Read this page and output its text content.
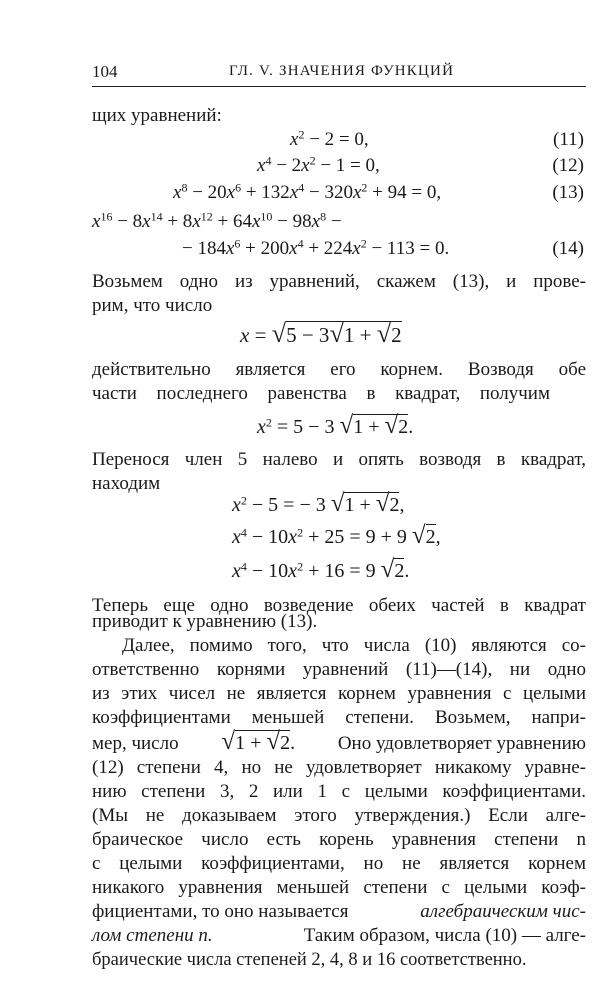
104	ГЛ. V. ЗНАЧЕНИЯ ФУНКЦИЙ
щих уравнений:
$x^2 - 2 = 0$,	(11)
$x^4 - 2x^2 - 1 = 0$,	(12)
$x^8 - 20x^6 + 132x^4 - 320x^2 + 94 = 0$,	(13)
$x^{16} - 8x^{14} + 8x^{12} + 64x^{10} - 98x^8$ −
− $184x^6 + 200x^4 + 224x^2 - 113 = 0$.	(14)
Возьмем одно из уравнений, скажем (13), и прове-
рим, что число
x = √5 − 3√1 + √2
действительно является его корнем. Возводя обе
части последнего равенства в квадрат, получим
$x^2 = 5 - 3$ √1 + √2.
Перенося член 5 налево и опять возводя в квадрат,
находим
$x^2 - 5$ = − 3 √1 + √2,
$x^4 - 10x^2 + 25 = 9 + 9$ √2,
$x^4 - 10x^2 + 16 = 9$ √2.
Теперь еще одно возведение обеих частей в квадрат
приводит к уравнению (13).
Далее, помимо того, что числа (10) являются со-
ответственно корнями уравнений (11)—(14), ни одно
из этих чисел не является корнем уравнения с целыми
коэффициентами меньшей степени. Возьмем, напри-
мер, число √1 + √2. Оно удовлетворяет уравнению
(12) степени 4, но не удовлетворяет никакому уравне-
нию степени 3, 2 или 1 с целыми коэффициентами.
(Мы не доказываем этого утверждения.) Если алге-
браическое число есть корень уравнения степени n
с целыми коэффициентами, но не является корнем
никакого уравнения меньшей степени с целыми коэф-
фициентами, то оно называется	алгебраическим чис-
лом степени n.	Таким образом, числа (10) — алге-
браические числа степеней 2, 4, 8 и 16 соответственно.
